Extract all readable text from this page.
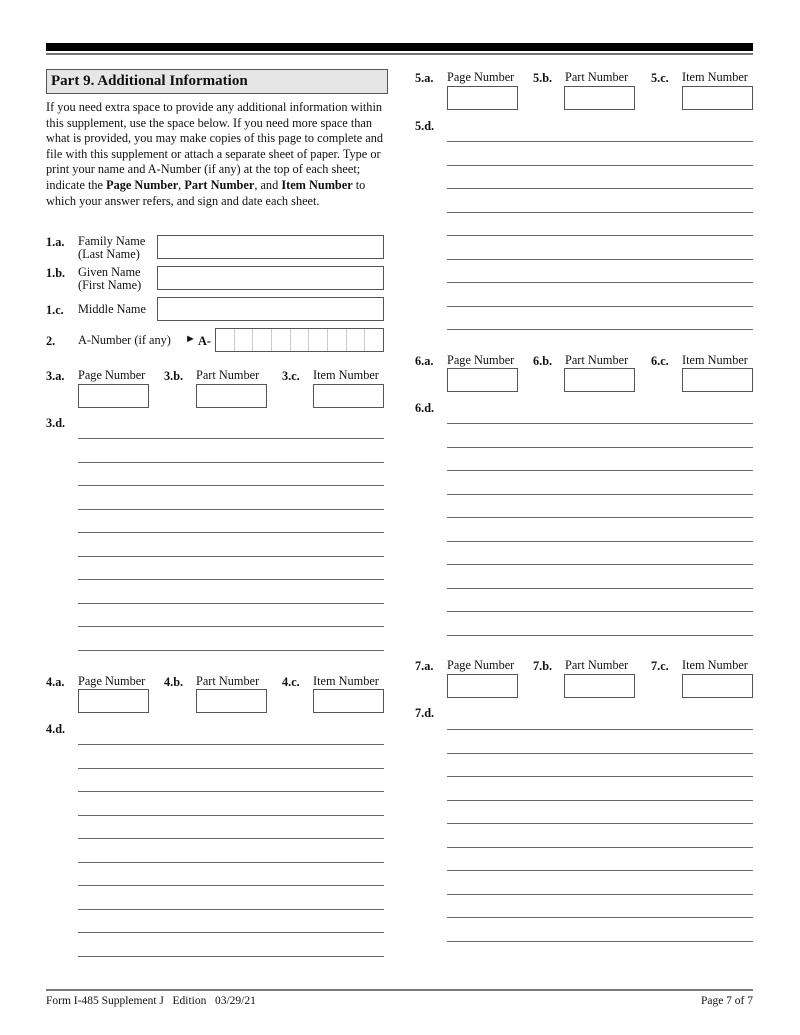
Part 9. Additional Information
If you need extra space to provide any additional information within this supplement, use the space below. If you need more space than what is provided, you may make copies of this page to complete and file with this supplement or attach a separate sheet of paper. Type or print your name and A-Number (if any) at the top of each sheet; indicate the Page Number, Part Number, and Item Number to which your answer refers, and sign and date each sheet.
1.a. Family Name
(Last Name)
1.b. Given Name
(First Name)
1.c. Middle Name
2. A-Number (if any) ► A-
3.a. Page Number 3.b. Part Number 3.c. Item Number
3.d.
4.a. Page Number 4.b. Part Number 4.c. Item Number
4.d.
5.a. Page Number 5.b. Part Number 5.c. Item Number
5.d.
6.a. Page Number 6.b. Part Number 6.c. Item Number
6.d.
7.a. Page Number 7.b. Part Number 7.c. Item Number
7.d.
Form I-485 Supplement J   Edition   03/29/21	Page 7 of 7
